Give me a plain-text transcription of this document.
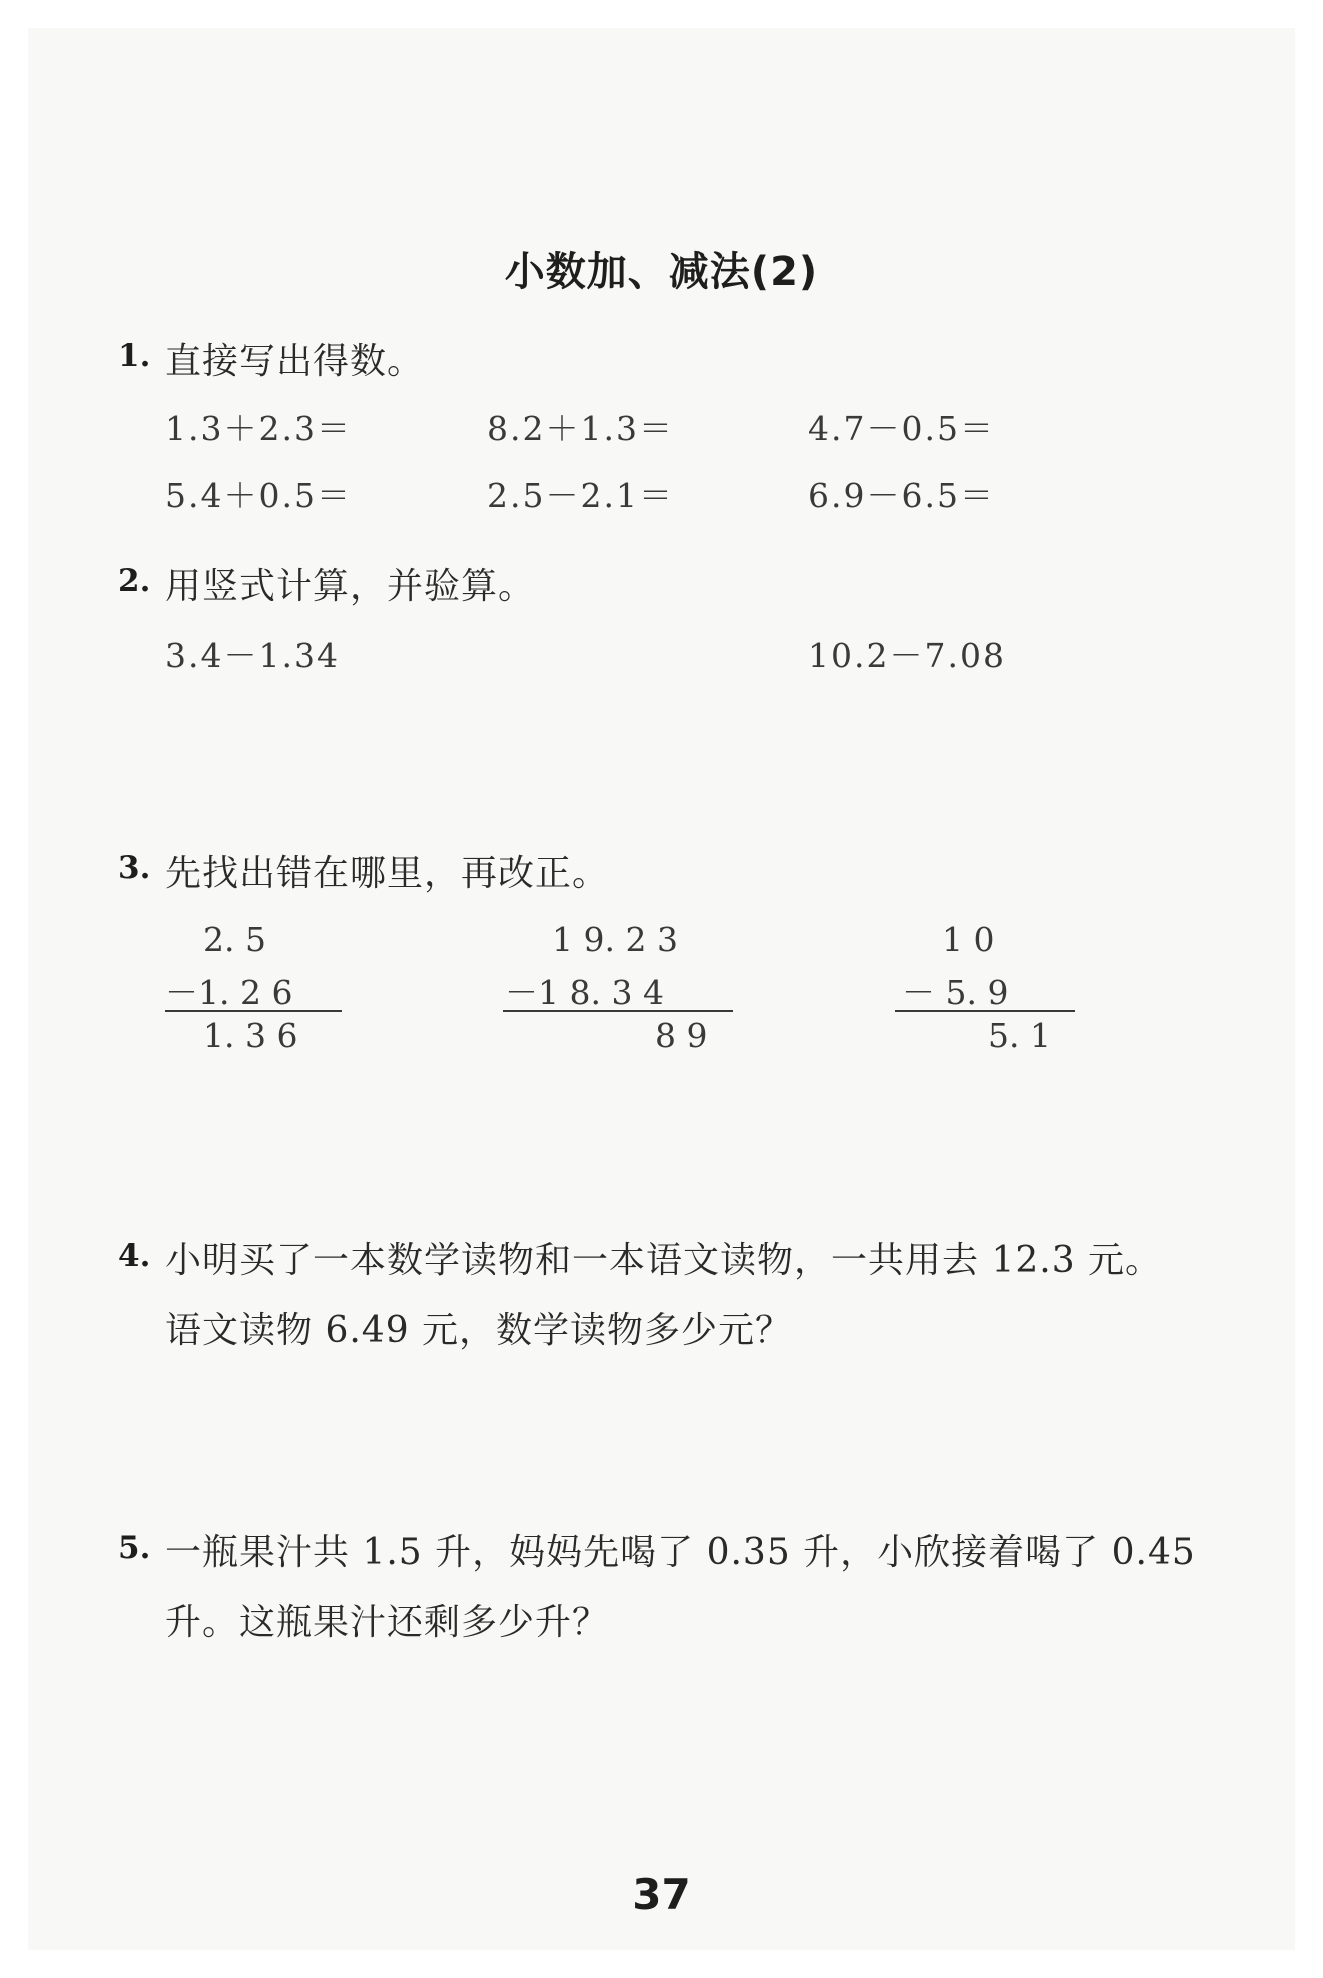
小数加、减法(2)
1. 直接写出得数。
1.3＋2.3＝	8.2＋1.3＝	4.7－0.5＝
5.4＋0.5＝	2.5－2.1＝	6.9－6.5＝
2. 用竖式计算，并验算。
3.4－1.34	10.2－7.08
3. 先找出错在哪里，再改正。
2. 5
－1. 2 6
1. 3 6
1 9. 2 3
－1 8. 3 4
8 9
1 0
－ 5. 9
5. 1
4. 小明买了一本数学读物和一本语文读物，一共用去 12.3 元。
语文读物 6.49 元，数学读物多少元？
5. 一瓶果汁共 1.5 升，妈妈先喝了 0.35 升，小欣接着喝了 0.45
升。这瓶果汁还剩多少升？
37
